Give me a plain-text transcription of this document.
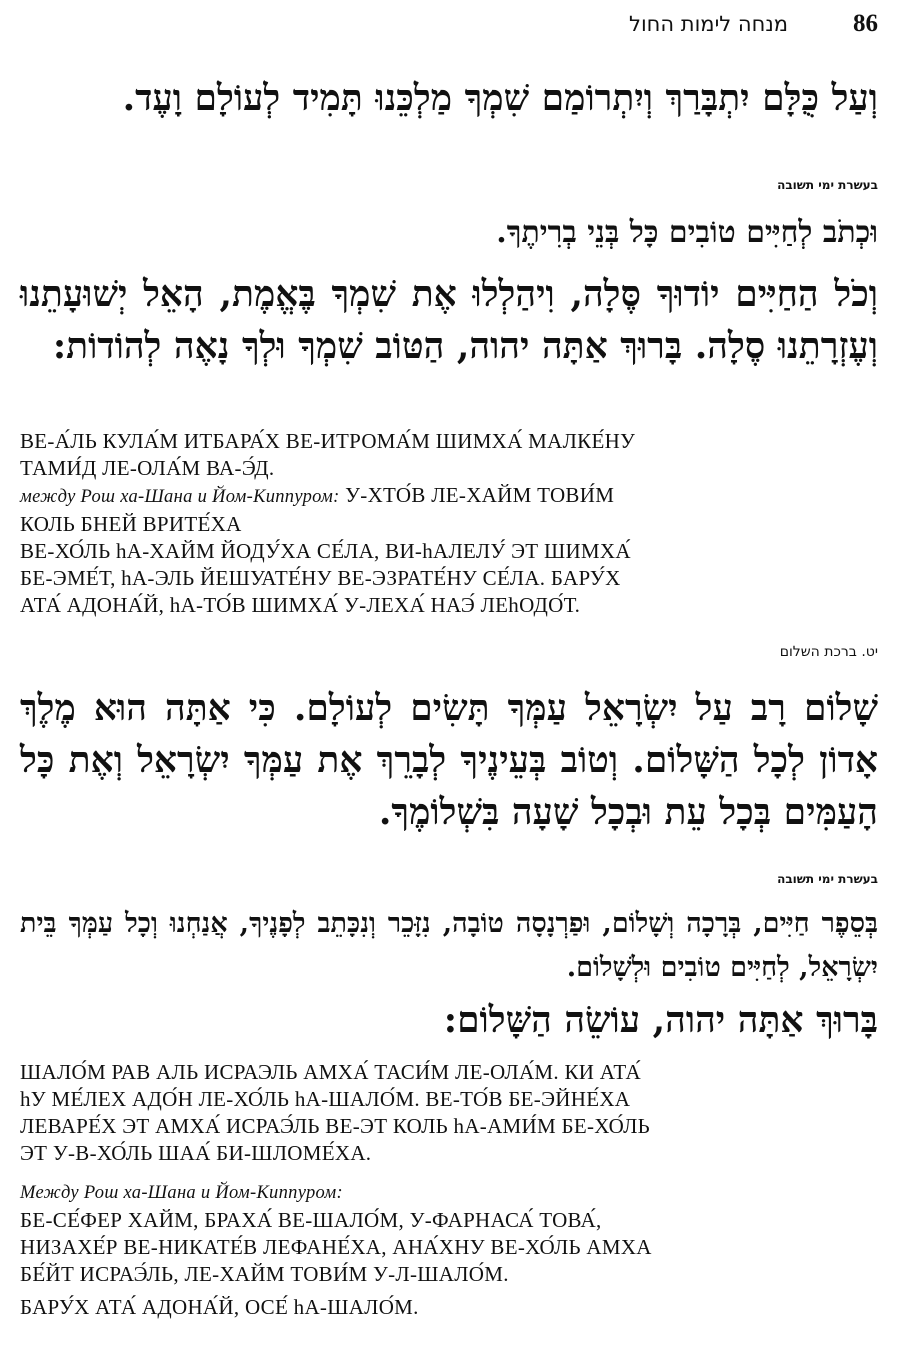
86
מנחה לימות החול

וְעַל כֻּלָּם יִתְבָּרַךְ וְיִתְרוֹמַם שִׁמְךָ מַלְכֵּנוּ תָּמִיד לְעוֹלָם וָעֶד.

בעשרת ימי תשובה

וּכְתֹב לְחַיִּים טוֹבִים כָּל בְּנֵי בְרִיתֶךָ.

וְכֹל הַחַיִּים יוֹדוּךָ סֶּלָה, וִיהַלְלוּ אֶת שִׁמְךָ בֶּאֱמֶת, הָאֵל יְשׁוּעָתֵנוּ וְעֶזְרָתֵנוּ סֶלָה. בָּרוּךְ אַתָּה יהוה, הַטּוֹב שִׁמְךָ וּלְךָ נָאֶה לְהוֹדוֹת:

ВЕ-А́ЛЬ КУЛА́М ИТБАРА́Х ВЕ-ИТРОМА́М ШИМХА́ МАЛКЕ́НУ
ТАМИ́Д ЛЕ-ОЛА́М ВА-Э́Д.
между Рош ха-Шана и Йом-Киппуром: У-ХТО́В ЛЕ-ХАЙМ ТОВИ́М
КОЛЬ БНЕЙ ВРИТЕ́ХА
ВЕ-ХО́ЛЬ hА-ХАЙМ ЙОДУ́ХА СЕ́ЛА, ВИ-hАЛЕЛУ́ ЭТ ШИМХА́
БЕ-ЭМЕ́Т, hА-ЭЛЬ ЙЕШУАТЕ́НУ ВЕ-ЭЗРАТЕ́НУ СЕ́ЛА. БАРУ́Х
АТА́ АДОНА́Й, hА-ТО́В ШИМХА́ У-ЛЕХА́ НАЭ́ ЛЕhОДО́Т.

יט. ברכת השלום

שָׁלוֹם רָב עַל יִשְׂרָאֵל עַמְּךָ תָּשִׂים לְעוֹלָם. כִּי אַתָּה הוּא מֶלֶךְ אָדוֹן לְכָל הַשָּׁלוֹם. וְטוֹב בְּעֵינֶיךָ לְבָרֵךְ אֶת עַמְּךָ יִשְׂרָאֵל וְאֶת כָּל הָעַמִּים בְּכָל עֵת וּבְכָל שָׁעָה בִּשְׁלוֹמֶךָ.

בעשרת ימי תשובה

בְּסֵפֶר חַיִּים, בְּרָכָה וְשָׁלוֹם, וּפַרְנָסָה טוֹבָה, נִזָּכֵר וְנִכָּתֵב לְפָנֶיךָ, אֲנַחְנוּ וְכָל עַמְּךָ בֵּית יִשְׂרָאֵל, לְחַיִּים טוֹבִים וּלְשָׁלוֹם.

בָּרוּךְ אַתָּה יהוה, עוֹשֵׂה הַשָּׁלוֹם:

ШАЛО́М РАВ АЛЬ ИСРАЭЛЬ АМХА́ ТАСИ́М ЛЕ-ОЛА́М. КИ АТА́
hУ МЕ́ЛЕХ АДО́Н ЛЕ-ХО́ЛЬ hА-ШАЛО́М. ВЕ-ТО́В БЕ-ЭЙНЕ́ХА
ЛЕВАРЕ́Х ЭТ АМХА́ ИСРАЭ́ЛЬ ВЕ-ЭТ КОЛЬ hА-АМИ́М БЕ-ХО́ЛЬ
ЭТ У-В-ХО́ЛЬ ШАА́ БИ-ШЛОМЕ́ХА.

Между Рош ха-Шана и Йом-Киппуром:
БЕ-СЕ́ФЕР ХАЙМ, БРАХА́ ВЕ-ШАЛО́М, У-ФАРНАСА́ ТОВА́,
НИЗАХЕ́Р ВЕ-НИКАТЕ́В ЛЕФАНЕ́ХА, АНА́ХНУ ВЕ-ХО́ЛЬ АМХА
БЕ́ЙТ ИСРАЭ́ЛЬ, ЛЕ-ХАЙМ ТОВИ́М У-Л-ШАЛО́М.

БАРУ́Х АТА́ АДОНА́Й, ОСЕ́ hА-ШАЛО́М.
